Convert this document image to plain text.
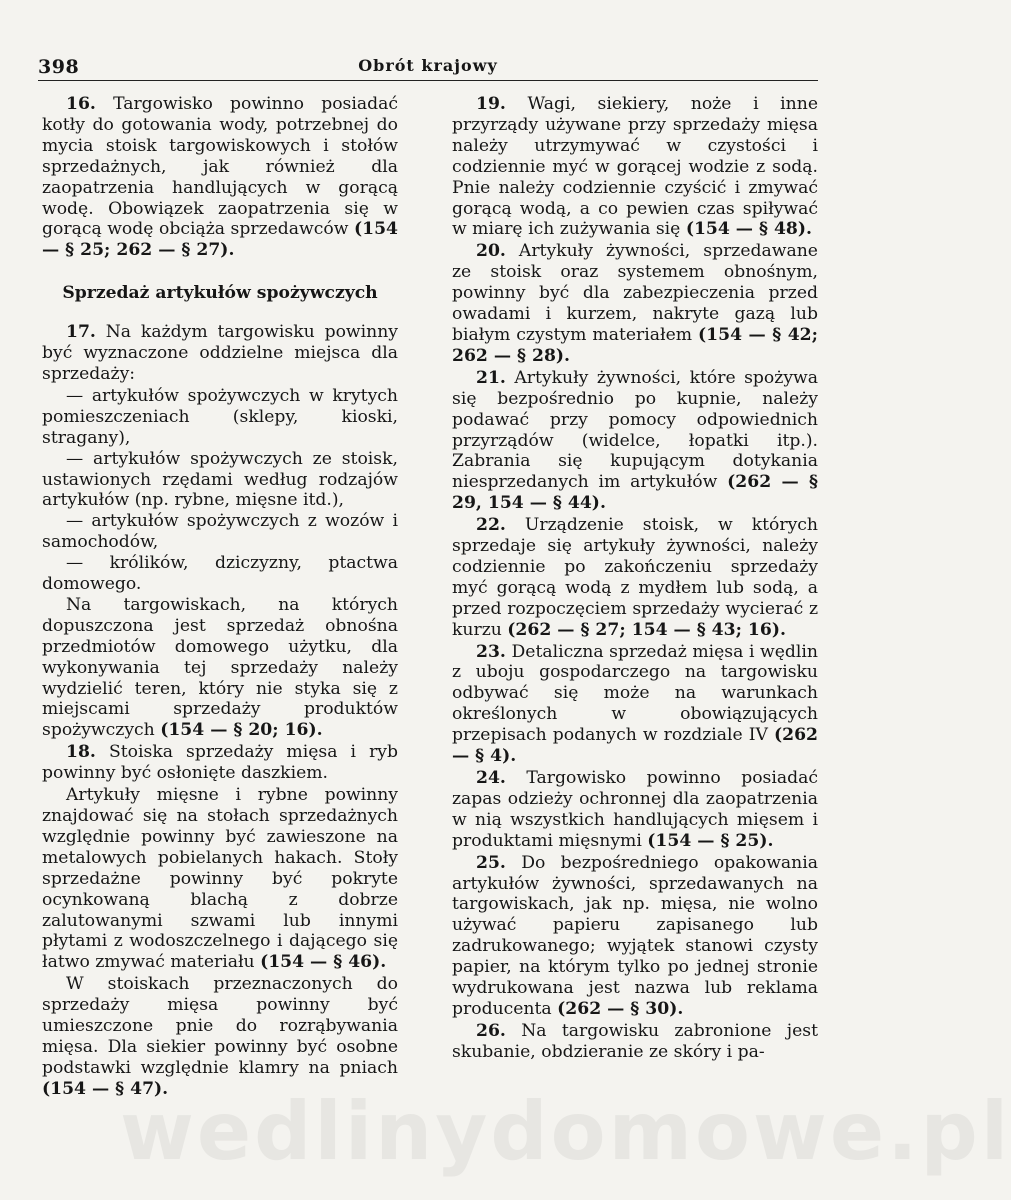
398	Obrót krajowy

16. Targowisko powinno posiadać kotły do gotowania wody, potrzebnej do mycia stoisk targowiskowych i stołów sprzedażnych, jak również dla zaopatrzenia handlujących w gorącą wodę. Obowiązek zaopatrzenia się w gorącą wodę obciąża sprzedawców (154 — § 25; 262 — § 27).

Sprzedaż artykułów spożywczych

17. Na każdym targowisku powinny być wyznaczone oddzielne miejsca dla sprzedaży:

— artykułów spożywczych w krytych pomieszczeniach (sklepy, kioski, stragany),

— artykułów spożywczych ze stoisk, ustawionych rzędami według rodzajów artykułów (np. rybne, mięsne itd.),

— artykułów spożywczych z wozów i samochodów,

— królików, dziczyzny, ptactwa domowego.

Na targowiskach, na których dopuszczona jest sprzedaż obnośna przedmiotów domowego użytku, dla wykonywania tej sprzedaży należy wydzielić teren, który nie styka się z miejscami sprzedaży produktów spożywczych (154 — § 20; 16).

18. Stoiska sprzedaży mięsa i ryb powinny być osłonięte daszkiem.

Artykuły mięsne i rybne powinny znajdować się na stołach sprzedażnych względnie powinny być zawieszone na metalowych pobielanych hakach. Stoły sprzedażne powinny być pokryte ocynkowaną blachą z dobrze zalutowanymi szwami lub innymi płytami z wodoszczelnego i dającego się łatwo zmywać materiału (154 — § 46).

W stoiskach przeznaczonych do sprzedaży mięsa powinny być umieszczone pnie do rozrąbywania mięsa. Dla siekier powinny być osobne podstawki względnie klamry na pniach (154 — § 47).

19. Wagi, siekiery, noże i inne przyrządy używane przy sprzedaży mięsa należy utrzymywać w czystości i codziennie myć w gorącej wodzie z sodą. Pnie należy codziennie czyścić i zmywać gorącą wodą, a co pewien czas spiływać w miarę ich zużywania się (154 — § 48).

20. Artykuły żywności, sprzedawane ze stoisk oraz systemem obnośnym, powinny być dla zabezpieczenia przed owadami i kurzem, nakryte gazą lub białym czystym materiałem (154 — § 42; 262 — § 28).

21. Artykuły żywności, które spożywa się bezpośrednio po kupnie, należy podawać przy pomocy odpowiednich przyrządów (widelce, łopatki itp.). Zabrania się kupującym dotykania niesprzedanych im artykułów (262 — § 29, 154 — § 44).

22. Urządzenie stoisk, w których sprzedaje się artykuły żywności, należy codziennie po zakończeniu sprzedaży myć gorącą wodą z mydłem lub sodą, a przed rozpoczęciem sprzedaży wycierać z kurzu (262 — § 27; 154 — § 43; 16).

23. Detaliczna sprzedaż mięsa i wędlin z uboju gospodarczego na targowisku odbywać się może na warunkach określonych w obowiązujących przepisach podanych w rozdziale IV (262 — § 4).

24. Targowisko powinno posiadać zapas odzieży ochronnej dla zaopatrzenia w nią wszystkich handlujących mięsem i produktami mięsnymi (154 — § 25).

25. Do bezpośredniego opakowania artykułów żywności, sprzedawanych na targowiskach, jak np. mięsa, nie wolno używać papieru zapisanego lub zadrukowanego; wyjątek stanowi czysty papier, na którym tylko po jednej stronie wydrukowana jest nazwa lub reklama producenta (262 — § 30).

26. Na targowisku zabronione jest skubanie, obdzieranie ze skóry i pa-

wedlinydomowe.pl
